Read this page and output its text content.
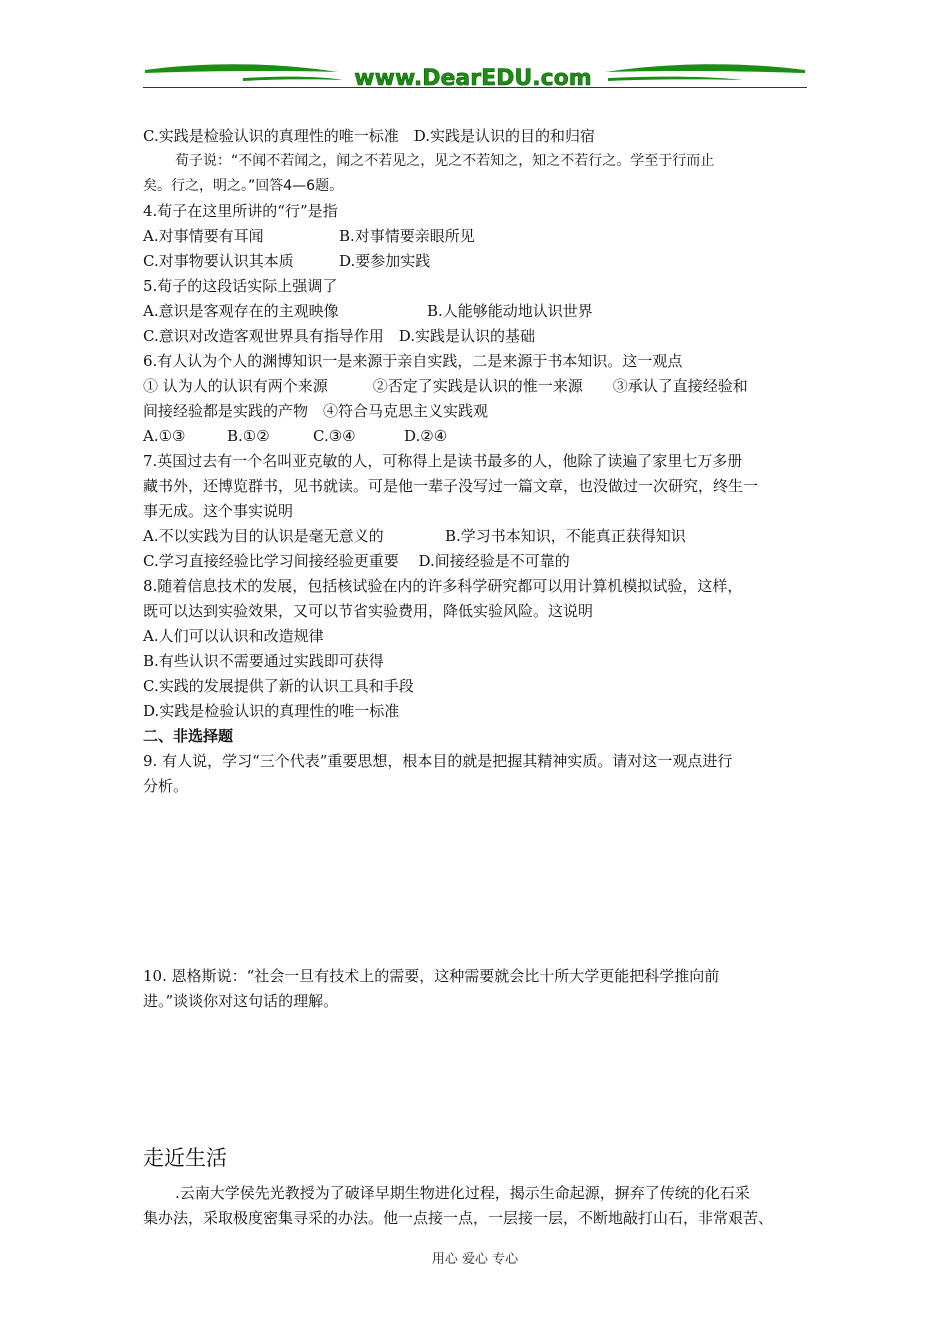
www.DearEDU.com
C.实践是检验认识的真理性的唯一标准　D.实践是认识的目的和归宿
荀子说：“不闻不若闻之，闻之不若见之，见之不若知之，知之不若行之。学至于行而止
矣。行之，明之。”回答4—6题。
4.荀子在这里所讲的“行”是指
A.对事情要有耳闻	B.对事情要亲眼所见
C.对事物要认识其本质	D.要参加实践
5.荀子的这段话实际上强调了
A.意识是客观存在的主观映像	B.人能够能动地认识世界
C.意识对改造客观世界具有指导作用　D.实践是认识的基础
6.有人认为个人的渊博知识一是来源于亲自实践，二是来源于书本知识。这一观点
① 认为人的认识有两个来源　　　②否定了实践是认识的惟一来源　　③承认了直接经验和
间接经验都是实践的产物　④符合马克思主义实践观
A.①③	B.①②	C.③④	D.②④
7.英国过去有一个名叫亚克敏的人，可称得上是读书最多的人，他除了读遍了家里七万多册
藏书外，还博览群书，见书就读。可是他一辈子没写过一篇文章，也没做过一次研究，终生一
事无成。这个事实说明
A.不以实践为目的认识是毫无意义的	B.学习书本知识，不能真正获得知识
C.学习直接经验比学习间接经验更重要　 D.间接经验是不可靠的
8.随着信息技术的发展，包括核试验在内的许多科学研究都可以用计算机模拟试验，这样，
既可以达到实验效果，又可以节省实验费用，降低实验风险。这说明
A.人们可以认识和改造规律
B.有些认识不需要通过实践即可获得
C.实践的发展提供了新的认识工具和手段
D.实践是检验认识的真理性的唯一标准
二、非选择题
9. 有人说，学习“三个代表”重要思想，根本目的就是把握其精神实质。请对这一观点进行
分析。
10. 恩格斯说：“社会一旦有技术上的需要，这种需要就会比十所大学更能把科学推向前
进。”谈谈你对这句话的理解。
走近生活
.云南大学侯先光教授为了破译早期生物进化过程，揭示生命起源，摒弃了传统的化石采
集办法，采取极度密集寻采的办法。他一点接一点，一层接一层，不断地敲打山石，非常艰苦、
用心 爱心 专心
